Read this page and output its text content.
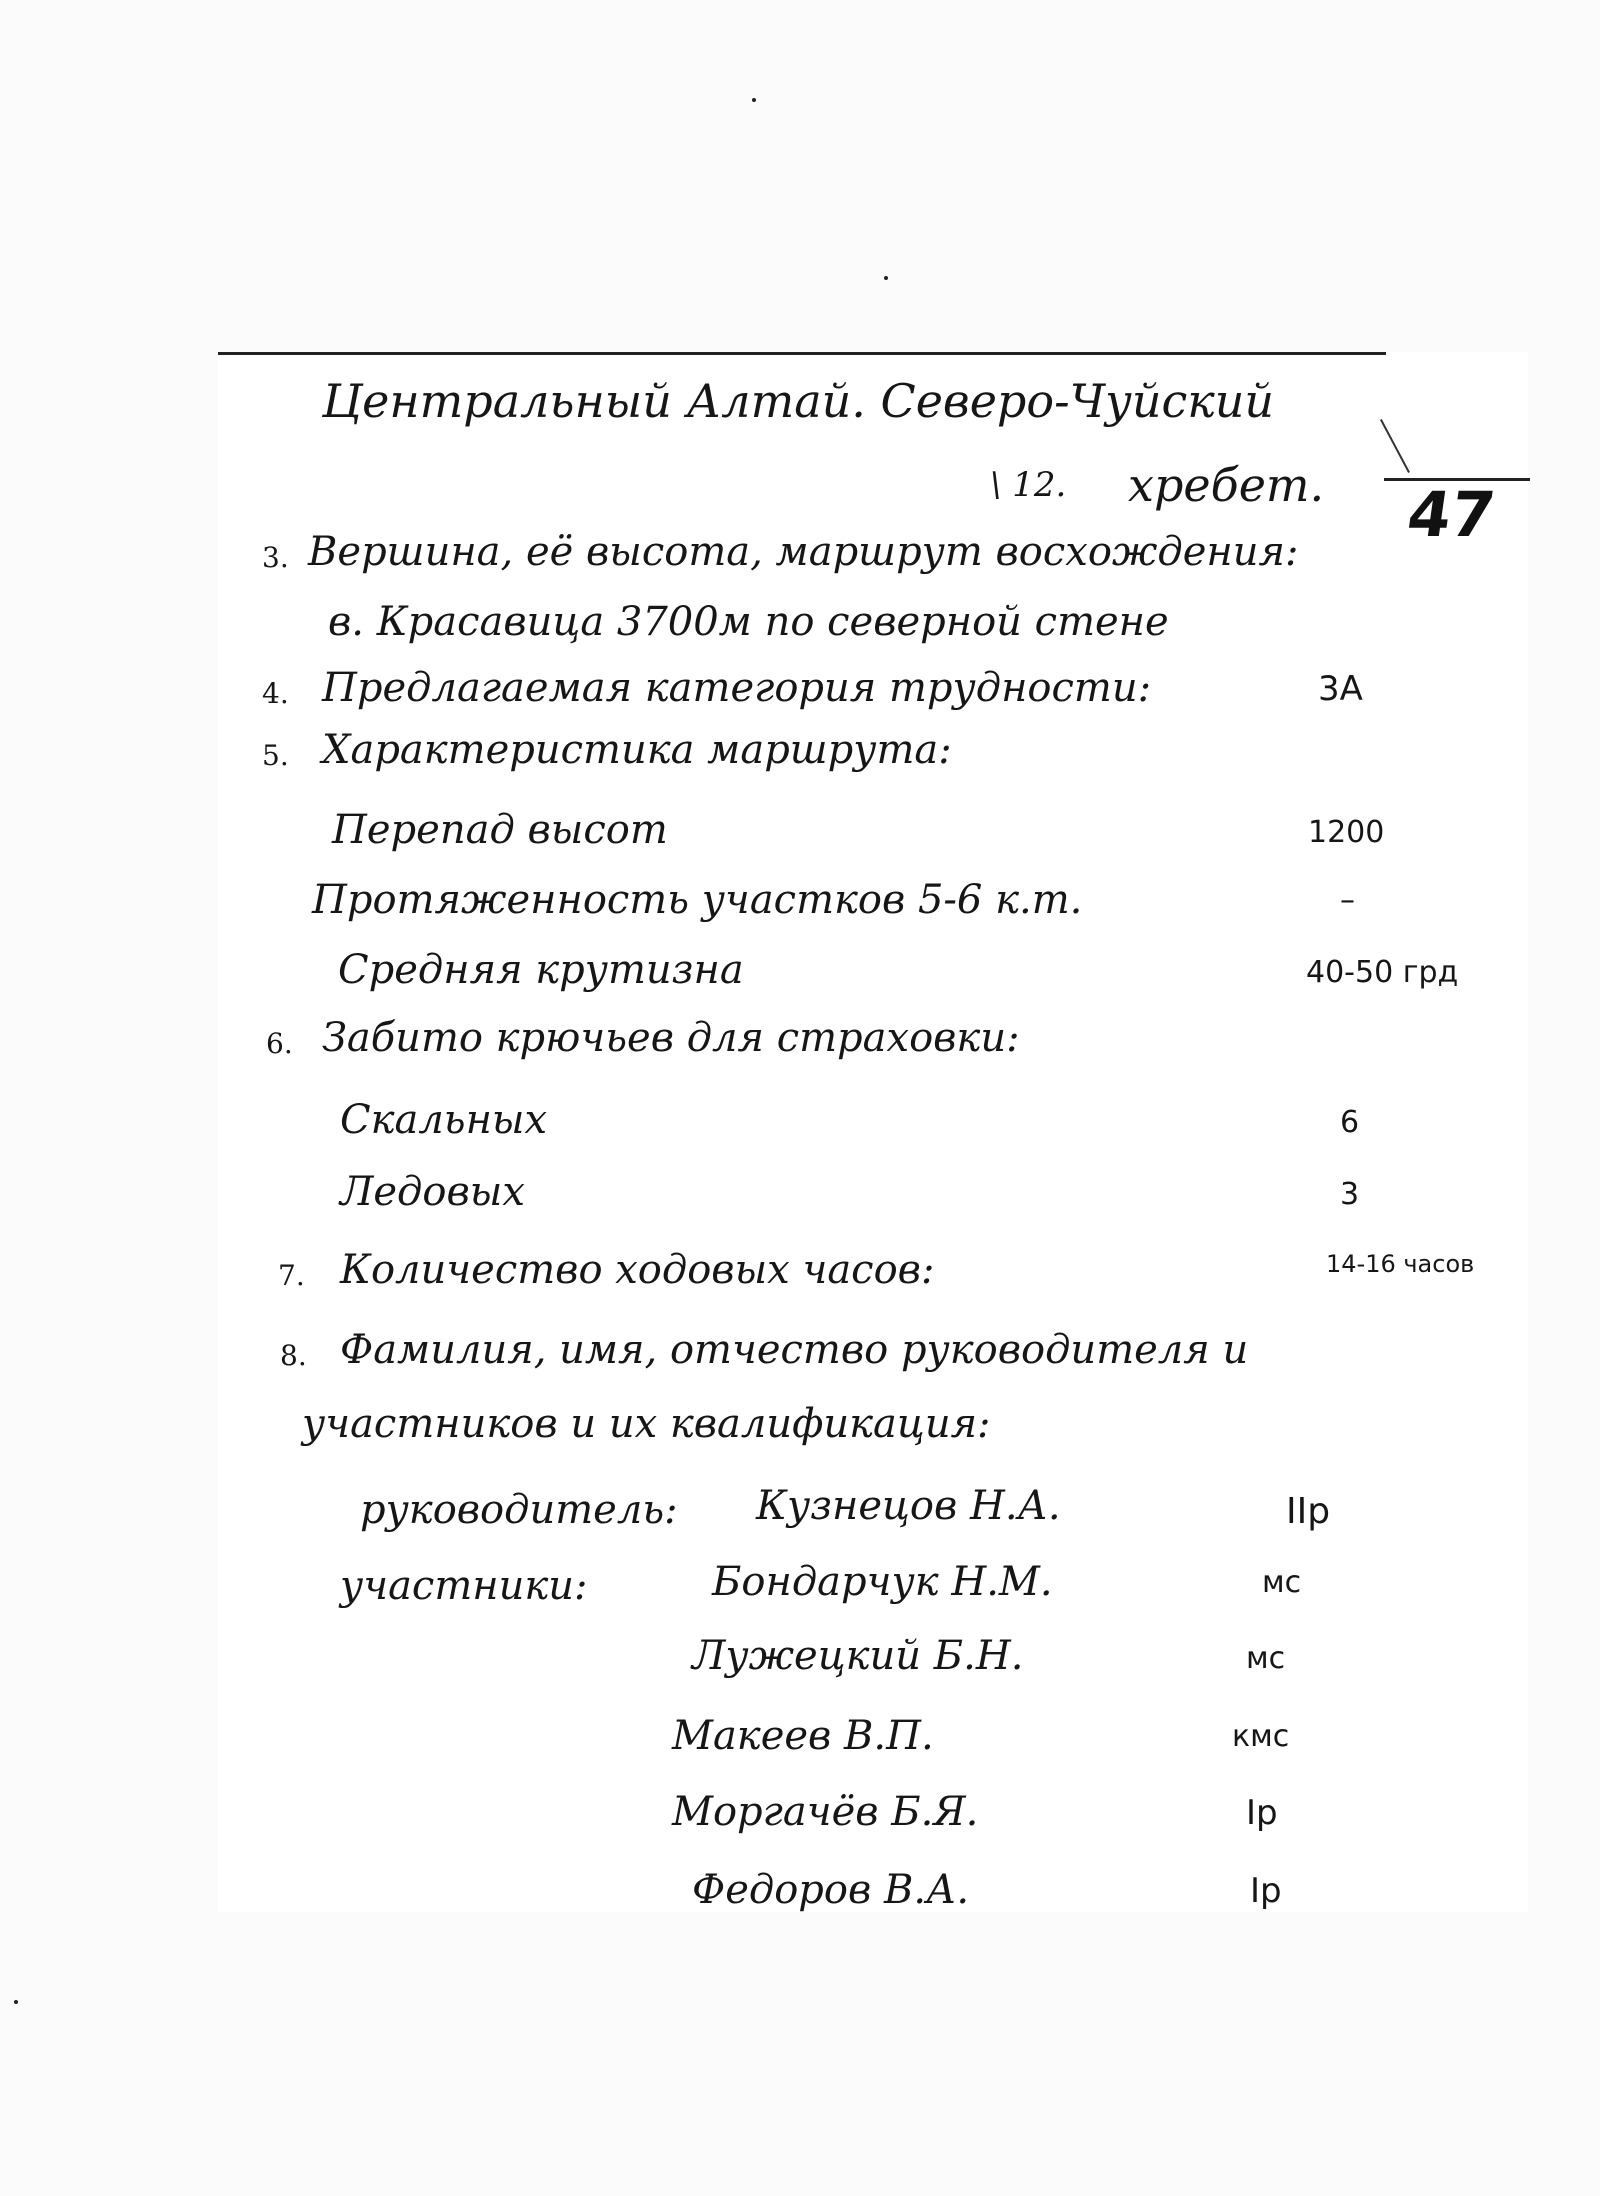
Центральный Алтай. Северо-Чуйский
\ 12. хребет. 47
3. Вершина, её высота, маршрут восхождения:
в. Красавица 3700м по северной стене
4. Предлагаемая категория трудности:	3А
5. Характеристика маршрута:
Перепад высот	1200
Протяженность участков 5-6 к.т.	–
Средняя крутизна	40-50 грд
6. Забито крючьев для страховки:
Скальных	6
Ледовых	3
7. Количество ходовых часов:	14-16 часов
8. Фамилия, имя, отчество руководителя и
участников и их квалификация:
руководитель: Кузнецов Н.А.	IIр
участники:	Бондарчук Н.М.	мс
Лужецкий Б.Н.	мс
Макеев В.П.	кмс
Моргачёв Б.Я.	Iр
Федоров В.А.	Iр
